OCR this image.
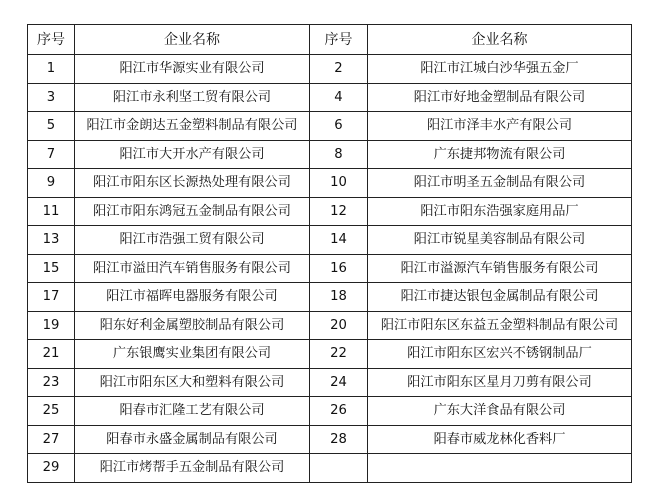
序号	企业名称	序号	企业名称
1	阳江市华源实业有限公司	2	阳江市江城白沙华强五金厂
3	阳江市永利坚工贸有限公司	4	阳江市好地金塑制品有限公司
5	阳江市金朗达五金塑料制品有限公司	6	阳江市泽丰水产有限公司
7	阳江市大开水产有限公司	8	广东捷邦物流有限公司
9	阳江市阳东区长源热处理有限公司	10	阳江市明圣五金制品有限公司
11	阳江市阳东鸿冠五金制品有限公司	12	阳江市阳东浩强家庭用品厂
13	阳江市浩强工贸有限公司	14	阳江市锐星美容制品有限公司
15	阳江市溢田汽车销售服务有限公司	16	阳江市溢源汽车销售服务有限公司
17	阳江市福晖电器服务有限公司	18	阳江市捷达银包金属制品有限公司
19	阳东好利金属塑胶制品有限公司	20	阳江市阳东区东益五金塑料制品有限公司
21	广东银鹰实业集团有限公司	22	阳江市阳东区宏兴不锈钢制品厂
23	阳江市阳东区大和塑料有限公司	24	阳江市阳东区星月刀剪有限公司
25	阳春市汇隆工艺有限公司	26	广东大洋食品有限公司
27	阳春市永盛金属制品有限公司	28	阳春市威龙林化香料厂
29	阳江市烤帮手五金制品有限公司		
